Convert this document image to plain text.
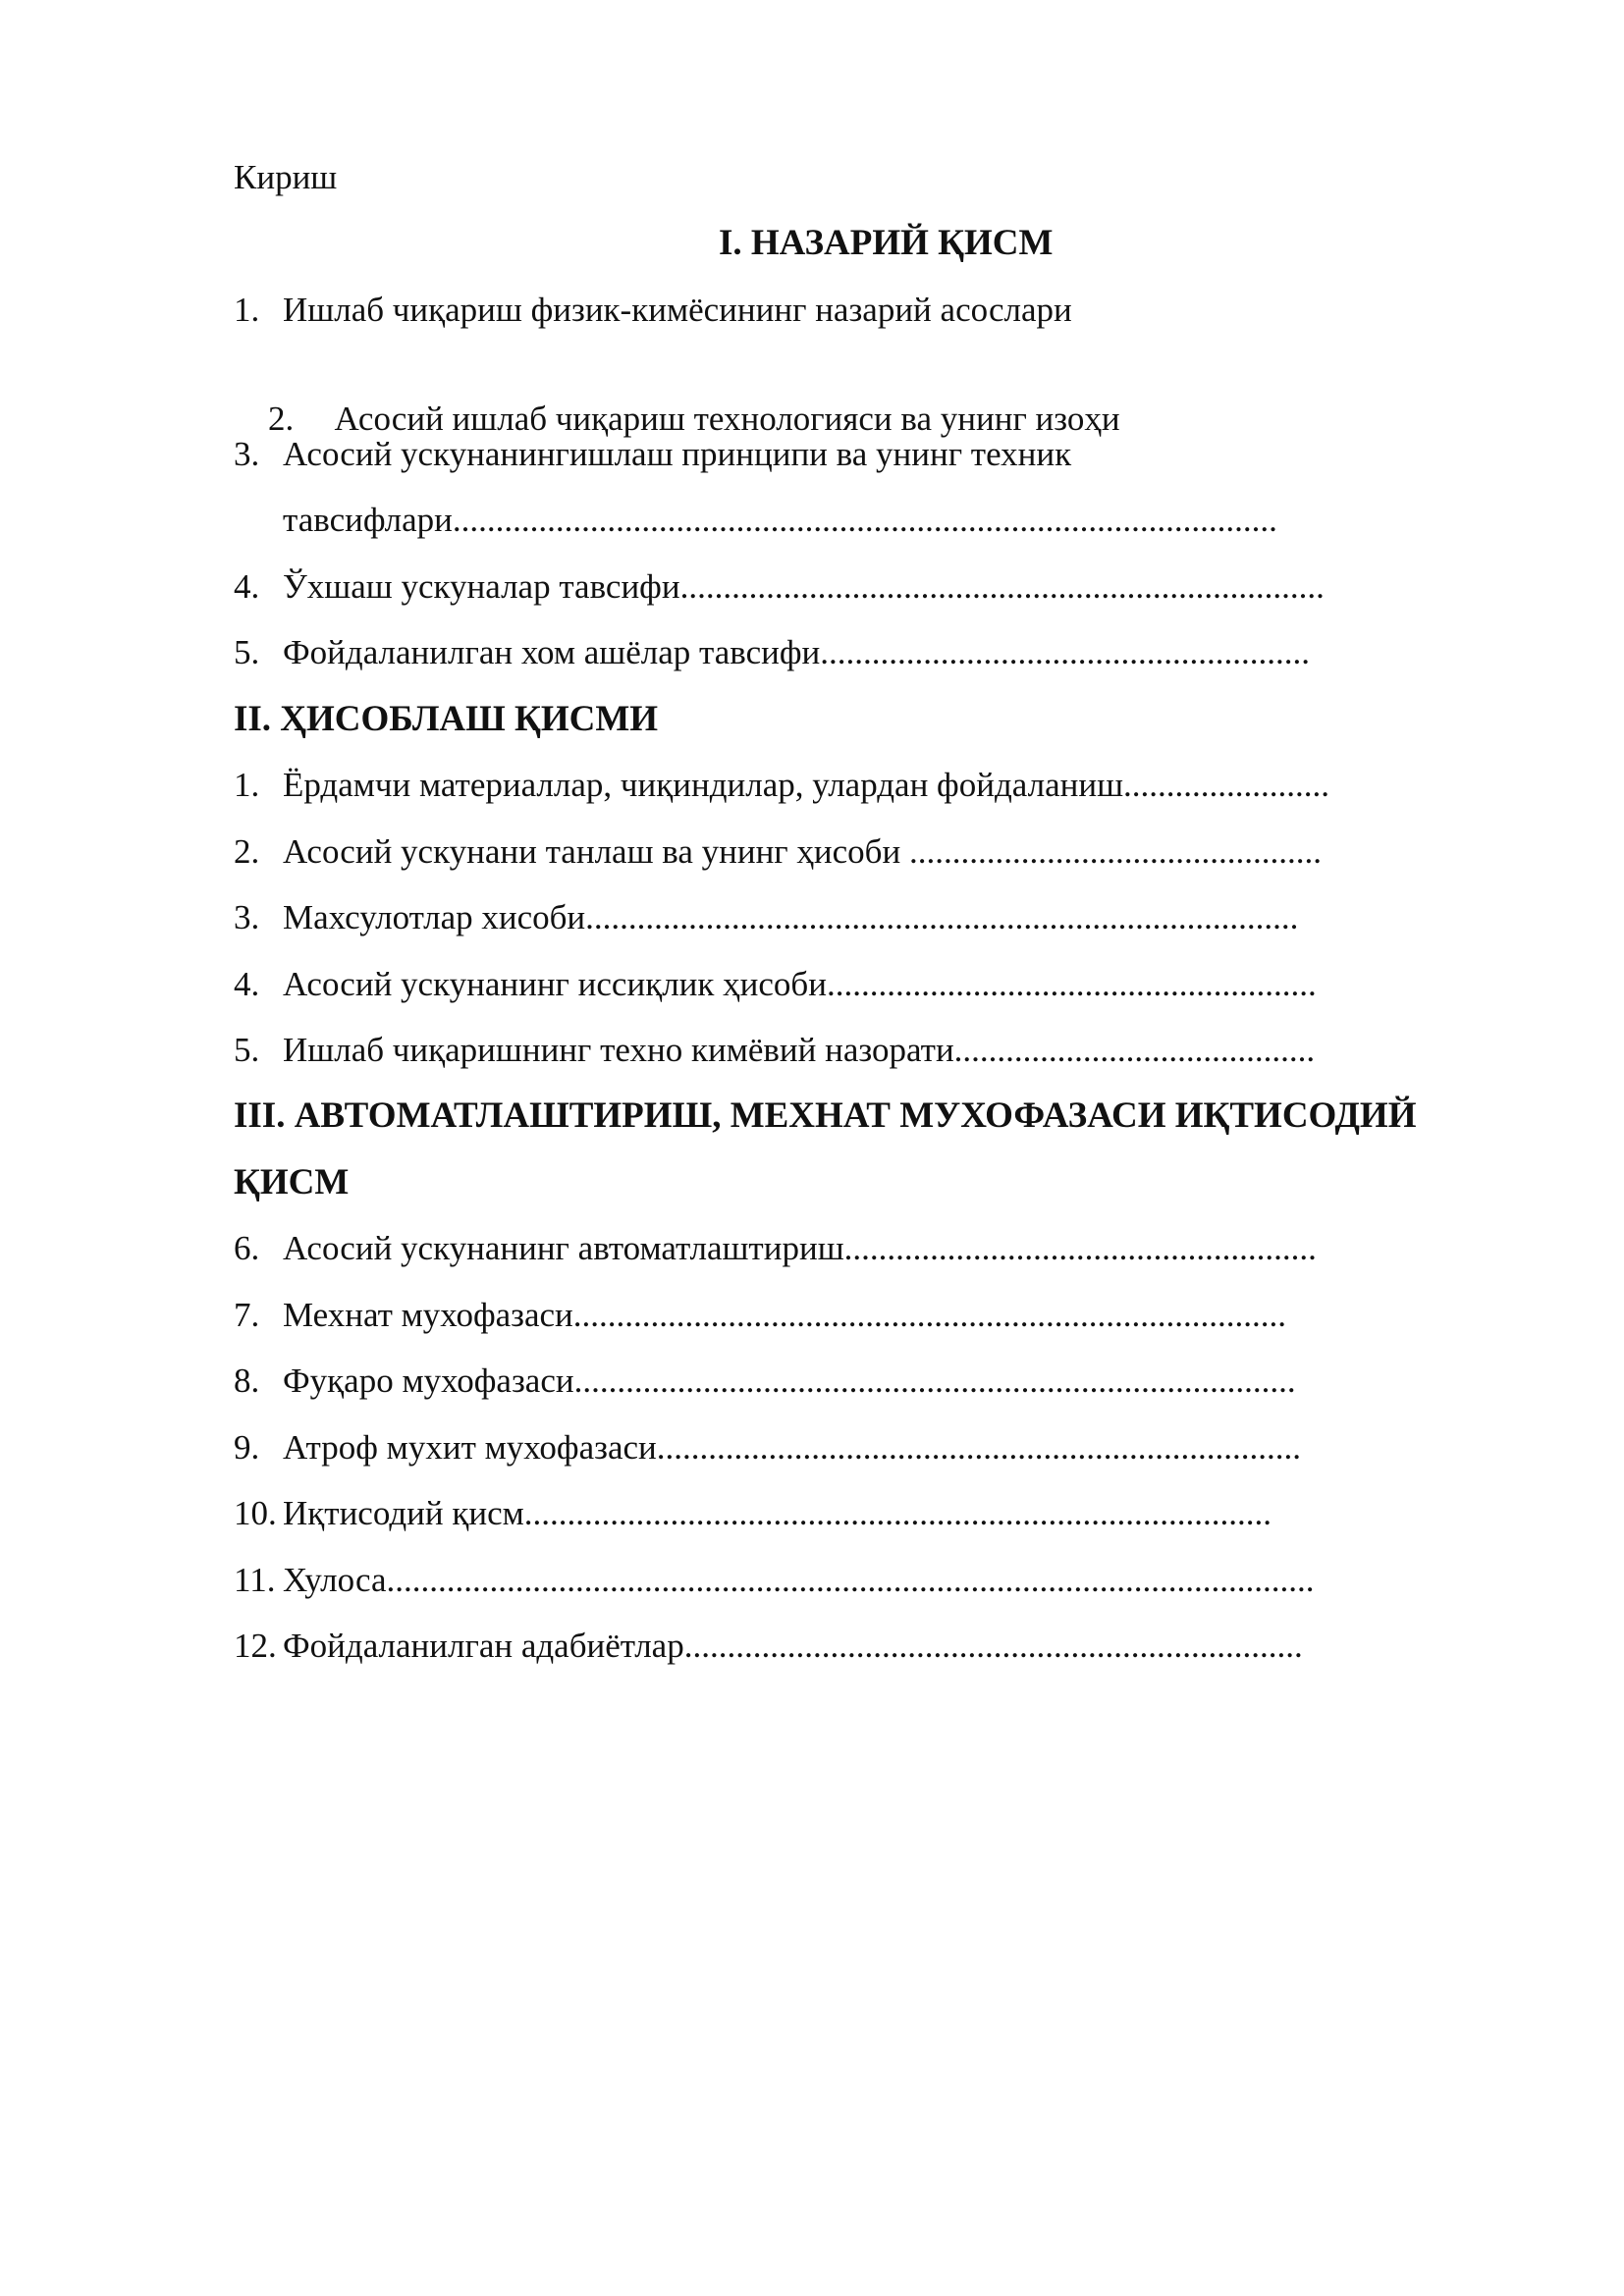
Кириш
I. НАЗАРИЙ ҚИСМ
1. Ишлаб чиқариш физик-кимёсининг назарий асослари

2.  Асосий ишлаб чиқариш технологияси ва унинг изоҳи

3. Асосий ускунанингишлаш принципи ва унинг техник
тавсифлари................................................................................................
4. Ўхшаш ускуналар тавсифи...........................................................................
5. Фойдаланилган хом ашёлар тавсифи.........................................................
II. ҲИСОБЛАШ ҚИСМИ
1. Ёрдамчи материаллар, чиқиндилар, улардан фойдаланиш........................
2. Асосий ускунани танлаш ва унинг ҳисоби ................................................
3. Махсулотлар хисоби...................................................................................
4. Асосий ускунанинг иссиқлик ҳисоби.........................................................
5. Ишлаб чиқаришнинг техно кимёвий назорати..........................................
III. АВТОМАТЛАШТИРИШ, МЕХНАТ МУХОФАЗАСИ ИҚТИСОДИЙ
ҚИСМ
6. Асосий ускунанинг автоматлаштириш.......................................................
7. Мехнат мухофазаси...................................................................................
8. Фуқаро мухофазаси....................................................................................
9. Атроф мухит мухофазаси...........................................................................
10. Иқтисодий қисм.......................................................................................
11. Хулоса............................................................................................................
12. Фойдаланилган адабиётлар........................................................................
